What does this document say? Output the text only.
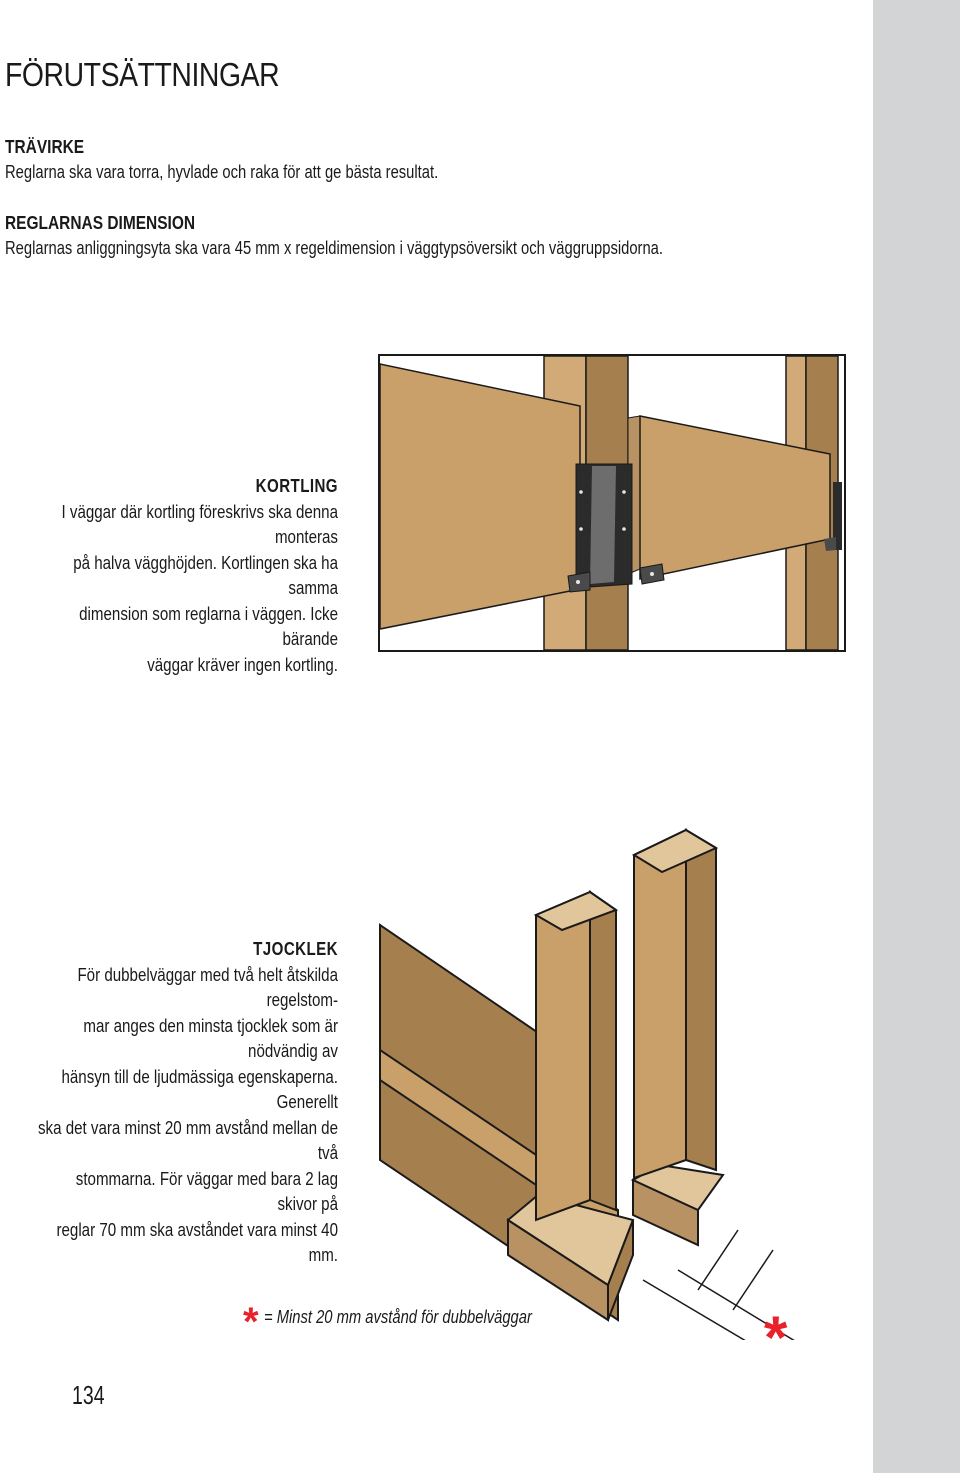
FÖRUTSÄTTNINGAR
TRÄVIRKE
Reglarna ska vara torra, hyvlade och raka för att ge bästa resultat.
REGLARNAS DIMENSION
Reglarnas anliggningsyta ska vara 45 mm x regeldimension i väggtypsöversikt och väggruppsidorna.
KORTLING
I väggar där kortling föreskrivs ska denna monteras
på halva vägghöjden. Kortlingen ska ha samma
dimension som reglarna i väggen. Icke bärande
väggar kräver ingen kortling.
TJOCKLEK
För dubbelväggar med två helt åtskilda regelstom-
mar anges den minsta tjocklek som är nödvändig av
hänsyn till de ljudmässiga egenskaperna. Generellt
ska det vara minst 20 mm avstånd mellan de två
stommarna. För väggar med bara 2 lag skivor på
reglar 70 mm ska avståndet vara minst 40 mm.
* = Minst 20 mm avstånd för dubbelväggar	*
134
